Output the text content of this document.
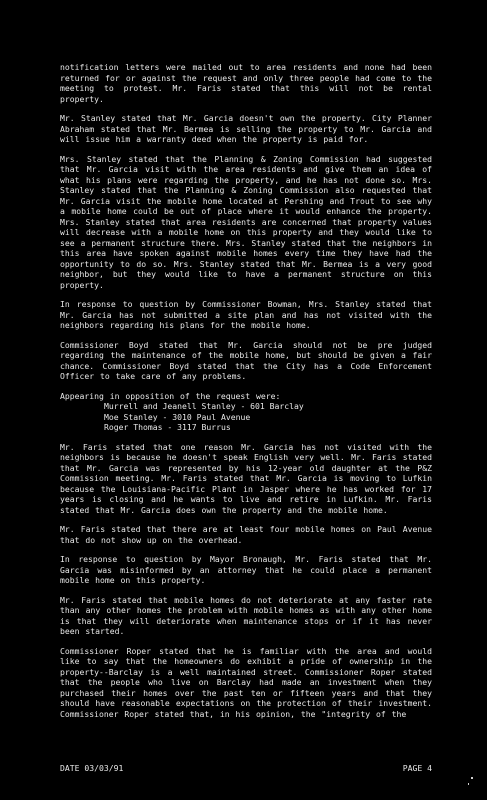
notification letters were mailed out to area residents and none had been returned for or against the request and only three people had come to the meeting to protest. Mr. Faris stated that this will not be rental property.

Mr. Stanley stated that Mr. Garcia doesn't own the property. City Planner Abraham stated that Mr. Bermea is selling the property to Mr. Garcia and will issue him a warranty deed when the property is paid for.

Mrs. Stanley stated that the Planning & Zoning Commission had suggested that Mr. Garcia visit with the area residents and give them an idea of what his plans were regarding the property, and he has not done so. Mrs. Stanley stated that the Planning & Zoning Commission also requested that Mr. Garcia visit the mobile home located at Pershing and Trout to see why a mobile home could be out of place where it would enhance the property. Mrs. Stanley stated that area residents are concerned that property values will decrease with a mobile home on this property and they would like to see a permanent structure there. Mrs. Stanley stated that the neighbors in this area have spoken against mobile homes every time they have had the opportunity to do so. Mrs. Stanley stated that Mr. Bermea is a very good neighbor, but they would like to have a permanent structure on this property.

In response to question by Commissioner Bowman, Mrs. Stanley stated that Mr. Garcia has not submitted a site plan and has not visited with the neighbors regarding his plans for the mobile home.

Commissioner Boyd stated that Mr. Garcia should not be pre judged regarding the maintenance of the mobile home, but should be given a fair chance. Commissioner Boyd stated that the City has a Code Enforcement Officer to take care of any problems.

Appearing in opposition of the request were:

Murrell and Jeanell Stanley - 601 Barclay
Moe Stanley - 3010 Paul Avenue
Roger Thomas - 3117 Burrus

Mr. Faris stated that one reason Mr. Garcia has not visited with the neighbors is because he doesn't speak English very well. Mr. Faris stated that Mr. Garcia was represented by his 12-year old daughter at the P&Z Commission meeting. Mr. Faris stated that Mr. Garcia is moving to Lufkin because the Louisiana-Pacific Plant in Jasper where he has worked for 17 years is closing and he wants to live and retire in Lufkin. Mr. Faris stated that Mr. Garcia does own the property and the mobile home.

Mr. Faris stated that there are at least four mobile homes on Paul Avenue that do not show up on the overhead.

In response to question by Mayor Bronaugh, Mr. Faris stated that Mr. Garcia was misinformed by an attorney that he could place a permanent mobile home on this property.

Mr. Faris stated that mobile homes do not deteriorate at any faster rate than any other homes the problem with mobile homes as with any other home is that they will deteriorate when maintenance stops or if it has never been started.

Commissioner Roper stated that he is familiar with the area and would like to say that the homeowners do exhibit a pride of ownership in the property--Barclay is a well maintained street. Commissioner Roper stated that the people who live on Barclay had made an investment when they purchased their homes over the past ten or fifteen years and that they should have reasonable expectations on the protection of their investment. Commissioner Roper stated that, in his opinion, the "integrity of the

DATE 03/03/91	PAGE 4
